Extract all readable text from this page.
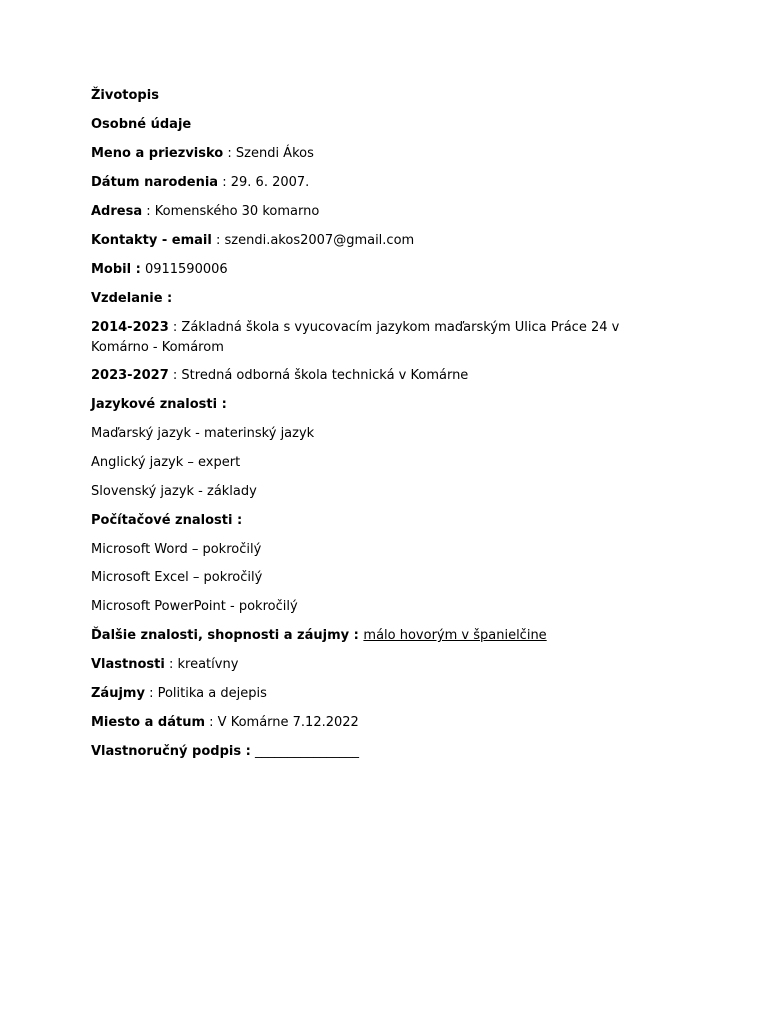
Životopis
Osobné údaje
Meno a priezvisko : Szendi Ákos
Dátum narodenia : 29. 6. 2007.
Adresa : Komenského 30 komarno
Kontakty - email : szendi.akos2007@gmail.com
Mobil : 0911590006
Vzdelanie :
2014-2023 : Základná škola s vyucovacím jazykom maďarským Ulica Práce 24 v Komárno - Komárom
2023-2027 : Stredná odborná škola technická v Komárne
Jazykové znalosti :
Maďarský jazyk - materinský jazyk
Anglický jazyk – expert
Slovenský jazyk - základy
Počítačové znalosti :
Microsoft Word – pokročilý
Microsoft Excel – pokročilý
Microsoft PowerPoint - pokročilý
Ďalšie znalosti, shopnosti a záujmy : málo hovorým v španielčine
Vlastnosti : kreatívny
Záujmy : Politika a dejepis
Miesto a dátum : V Komárne 7.12.2022
Vlastnoručný podpis : ________________
